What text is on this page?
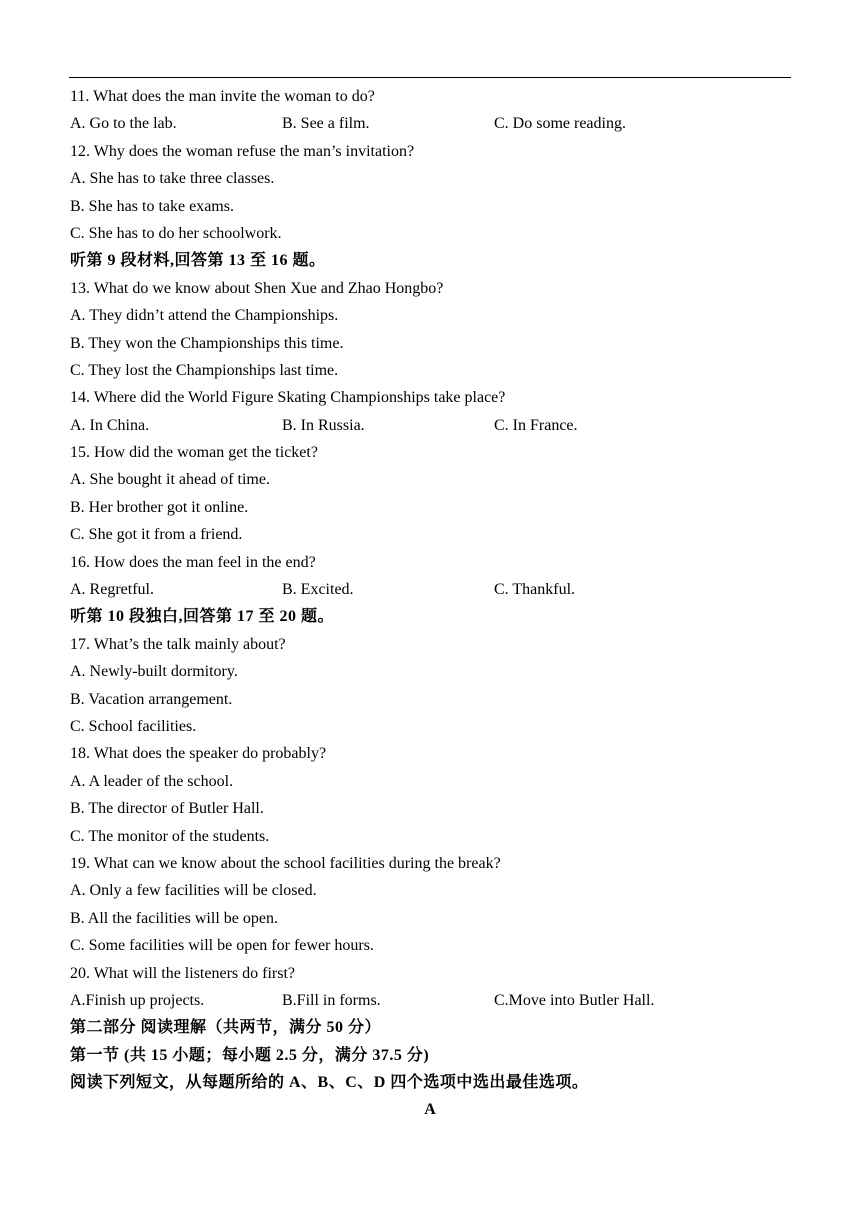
11. What does the man invite the woman to do?
A. Go to the lab.	B. See a film.	C. Do some reading.
12. Why does the woman refuse the man’s invitation?
A. She has to take three classes.
B. She has to take exams.
C. She has to do her schoolwork.
听第 9 段材料,回答第 13 至 16 题。
13. What do we know about Shen Xue and Zhao Hongbo?
A. They didn’t attend the Championships.
B. They won the Championships this time.
C. They lost the Championships last time.
14. Where did the World Figure Skating Championships take place?
A. In China.	B. In Russia.	C. In France.
15. How did the woman get the ticket?
A. She bought it ahead of time.
B. Her brother got it online.
C. She got it from a friend.
16. How does the man feel in the end?
A. Regretful.	B. Excited.	C. Thankful.
听第 10 段独白,回答第 17 至 20 题。
17. What’s the talk mainly about?
A. Newly-built dormitory.
B. Vacation arrangement.
C. School facilities.
18. What does the speaker do probably?
A. A leader of the school.
B. The director of Butler Hall.
C. The monitor of the students.
19. What can we know about the school facilities during the break?
A. Only a few facilities will be closed.
B. All the facilities will be open.
C. Some facilities will be open for fewer hours.
20. What will the listeners do first?
A.Finish up projects.	B.Fill in forms.	C.Move into Butler Hall.
第二部分 阅读理解（共两节，满分 50 分）
第一节 (共 15 小题；每小题 2.5 分，满分 37.5 分)
阅读下列短文，从每题所给的 A、B、C、D 四个选项中选出最佳选项。
A
